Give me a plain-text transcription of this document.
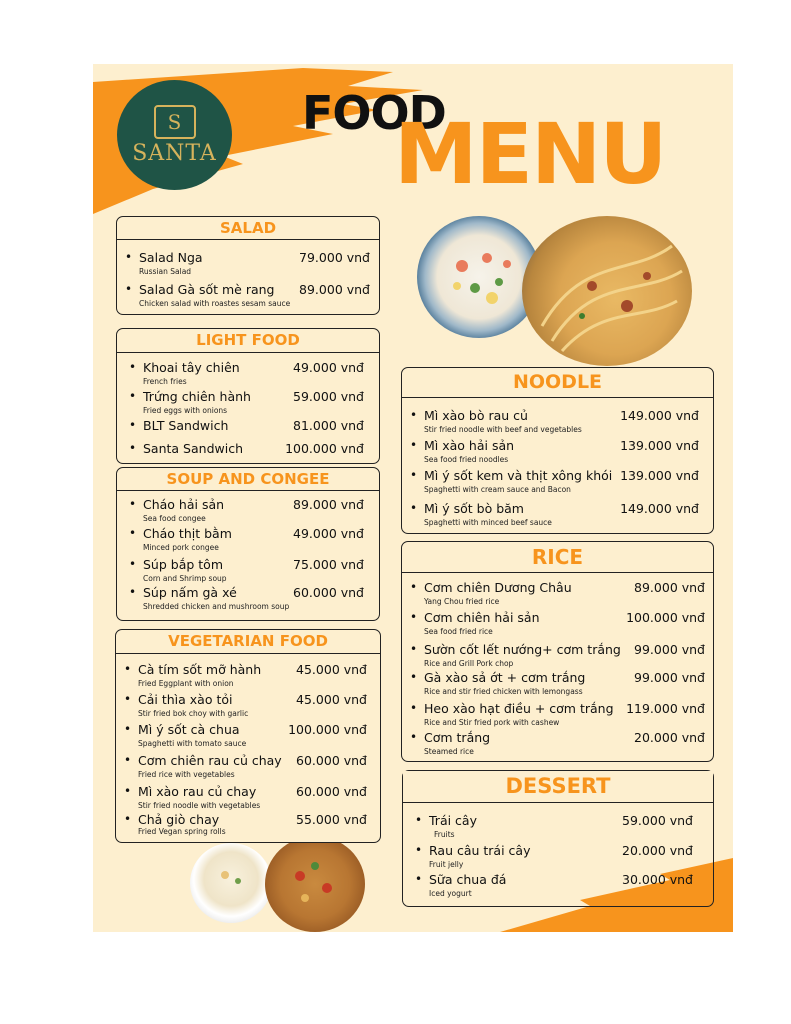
S
SANTA
FOOD
MENU
SALAD
• Salad Nga
Russian Salad
79.000 vnđ
• Salad Gà sốt mè rang
Chicken salad with roastes sesam sauce
89.000 vnđ
LIGHT FOOD
• Khoai tây chiên
French fries
49.000 vnđ
• Trứng chiên hành
Fried eggs with onions
59.000 vnđ
• BLT Sandwich	81.000 vnđ
• Santa Sandwich	100.000 vnđ
SOUP AND CONGEE
• Cháo hải sản
Sea food congee
89.000 vnđ
• Cháo thịt bằm
Minced pork congee
49.000 vnđ
• Súp bắp tôm
Corn and Shrimp soup
75.000 vnđ
• Súp nấm gà xé
Shredded chicken and mushroom soup
60.000 vnđ
VEGETARIAN FOOD
• Cà tím sốt mỡ hành
Fried Eggplant with onion
45.000 vnđ
• Cải thìa xào tỏi
Stir fried bok choy with garlic
45.000 vnđ
• Mì ý sốt cà chua
Spaghetti with tomato sauce
100.000 vnđ
• Cơm chiên rau củ chay
Fried rice with vegetables
60.000 vnđ
• Mì xào rau củ chay
Stir fried noodle with vegetables
60.000 vnđ
• Chả giò chay
Fried Vegan spring rolls
55.000 vnđ
NOODLE
• Mì xào bò rau củ
Stir fried noodle with beef and vegetables
149.000 vnđ
• Mì xào hải sản
Sea food fried noodles
139.000 vnđ
• Mì ý sốt kem và thịt xông khói
Spaghetti with cream sauce and Bacon
139.000 vnđ
• Mì ý sốt bò băm
Spaghetti with minced beef sauce
149.000 vnđ
RICE
• Cơm chiên Dương Châu
Yang Chou fried rice
89.000 vnđ
• Cơm chiên hải sản
Sea food fried rice
100.000 vnđ
• Sườn cốt lết nướng+ cơm trắng
Rice and Grill Pork chop
99.000 vnđ
• Gà xào sả ớt + cơm trắng
Rice and stir fried chicken with lemongass
99.000 vnđ
• Heo xào hạt điều + cơm trắng
Rice and Stir fried pork with cashew
119.000 vnđ
• Cơm trắng
Steamed rice
20.000 vnđ
DESSERT
• Trái cây
Fruits
59.000 vnđ
• Rau câu trái cây
Fruit jelly
20.000 vnđ
• Sữa chua đá
Iced yogurt
30.000 vnđ
